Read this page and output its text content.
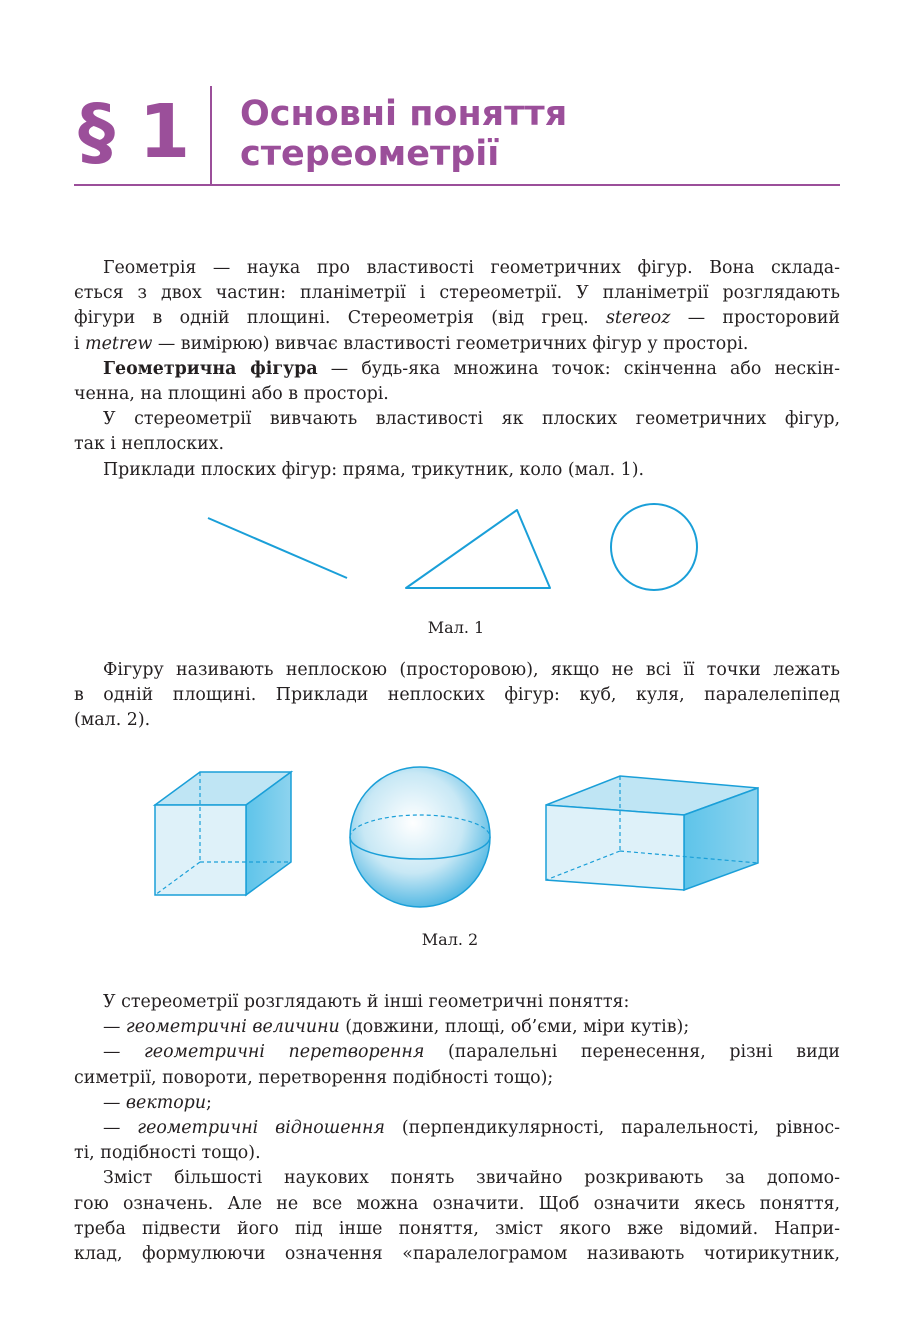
§ 1 Основні поняття
стереометрії

Геометрія — наука про властивості геометричних фігур. Вона склада-
ється з двох частин: планіметрії і стереометрії. У планіметрії розглядають
фігури в одній площині. Стереометрія (від грец. stereoz — просторовий
і metrew — вимірюю) вивчає властивості геометричних фігур у просторі.

Геометрична фігура — будь-яка множина точок: скінченна або нескін-
ченна, на площині або в просторі.

У стереометрії вивчають властивості як плоских геометричних фігур,
так і неплоских.

Приклади плоских фігур: пряма, трикутник, коло (мал. 1).

Мал. 1

Фігуру називають неплоскою (просторовою), якщо не всі її точки лежать
в одній площині. Приклади неплоских фігур: куб, куля, паралелепіпед
(мал. 2).

Мал. 2

У стереометрії розглядають й інші геометричні поняття:

— геометричні величини (довжини, площі, об’єми, міри кутів);

— геометричні перетворення (паралельні перенесення, різні види
симетрії, повороти, перетворення подібності тощо);

— вектори;

— геометричні відношення (перпендикулярності, паралельності, рівнос-
ті, подібності тощо).

Зміст більшості наукових понять звичайно розкривають за допомо-
гою означень. Але не все можна означити. Щоб означити якесь поняття,
треба підвести його під інше поняття, зміст якого вже відомий. Напри-
клад, формулюючи означення «паралелограмом називають чотирикутник,
